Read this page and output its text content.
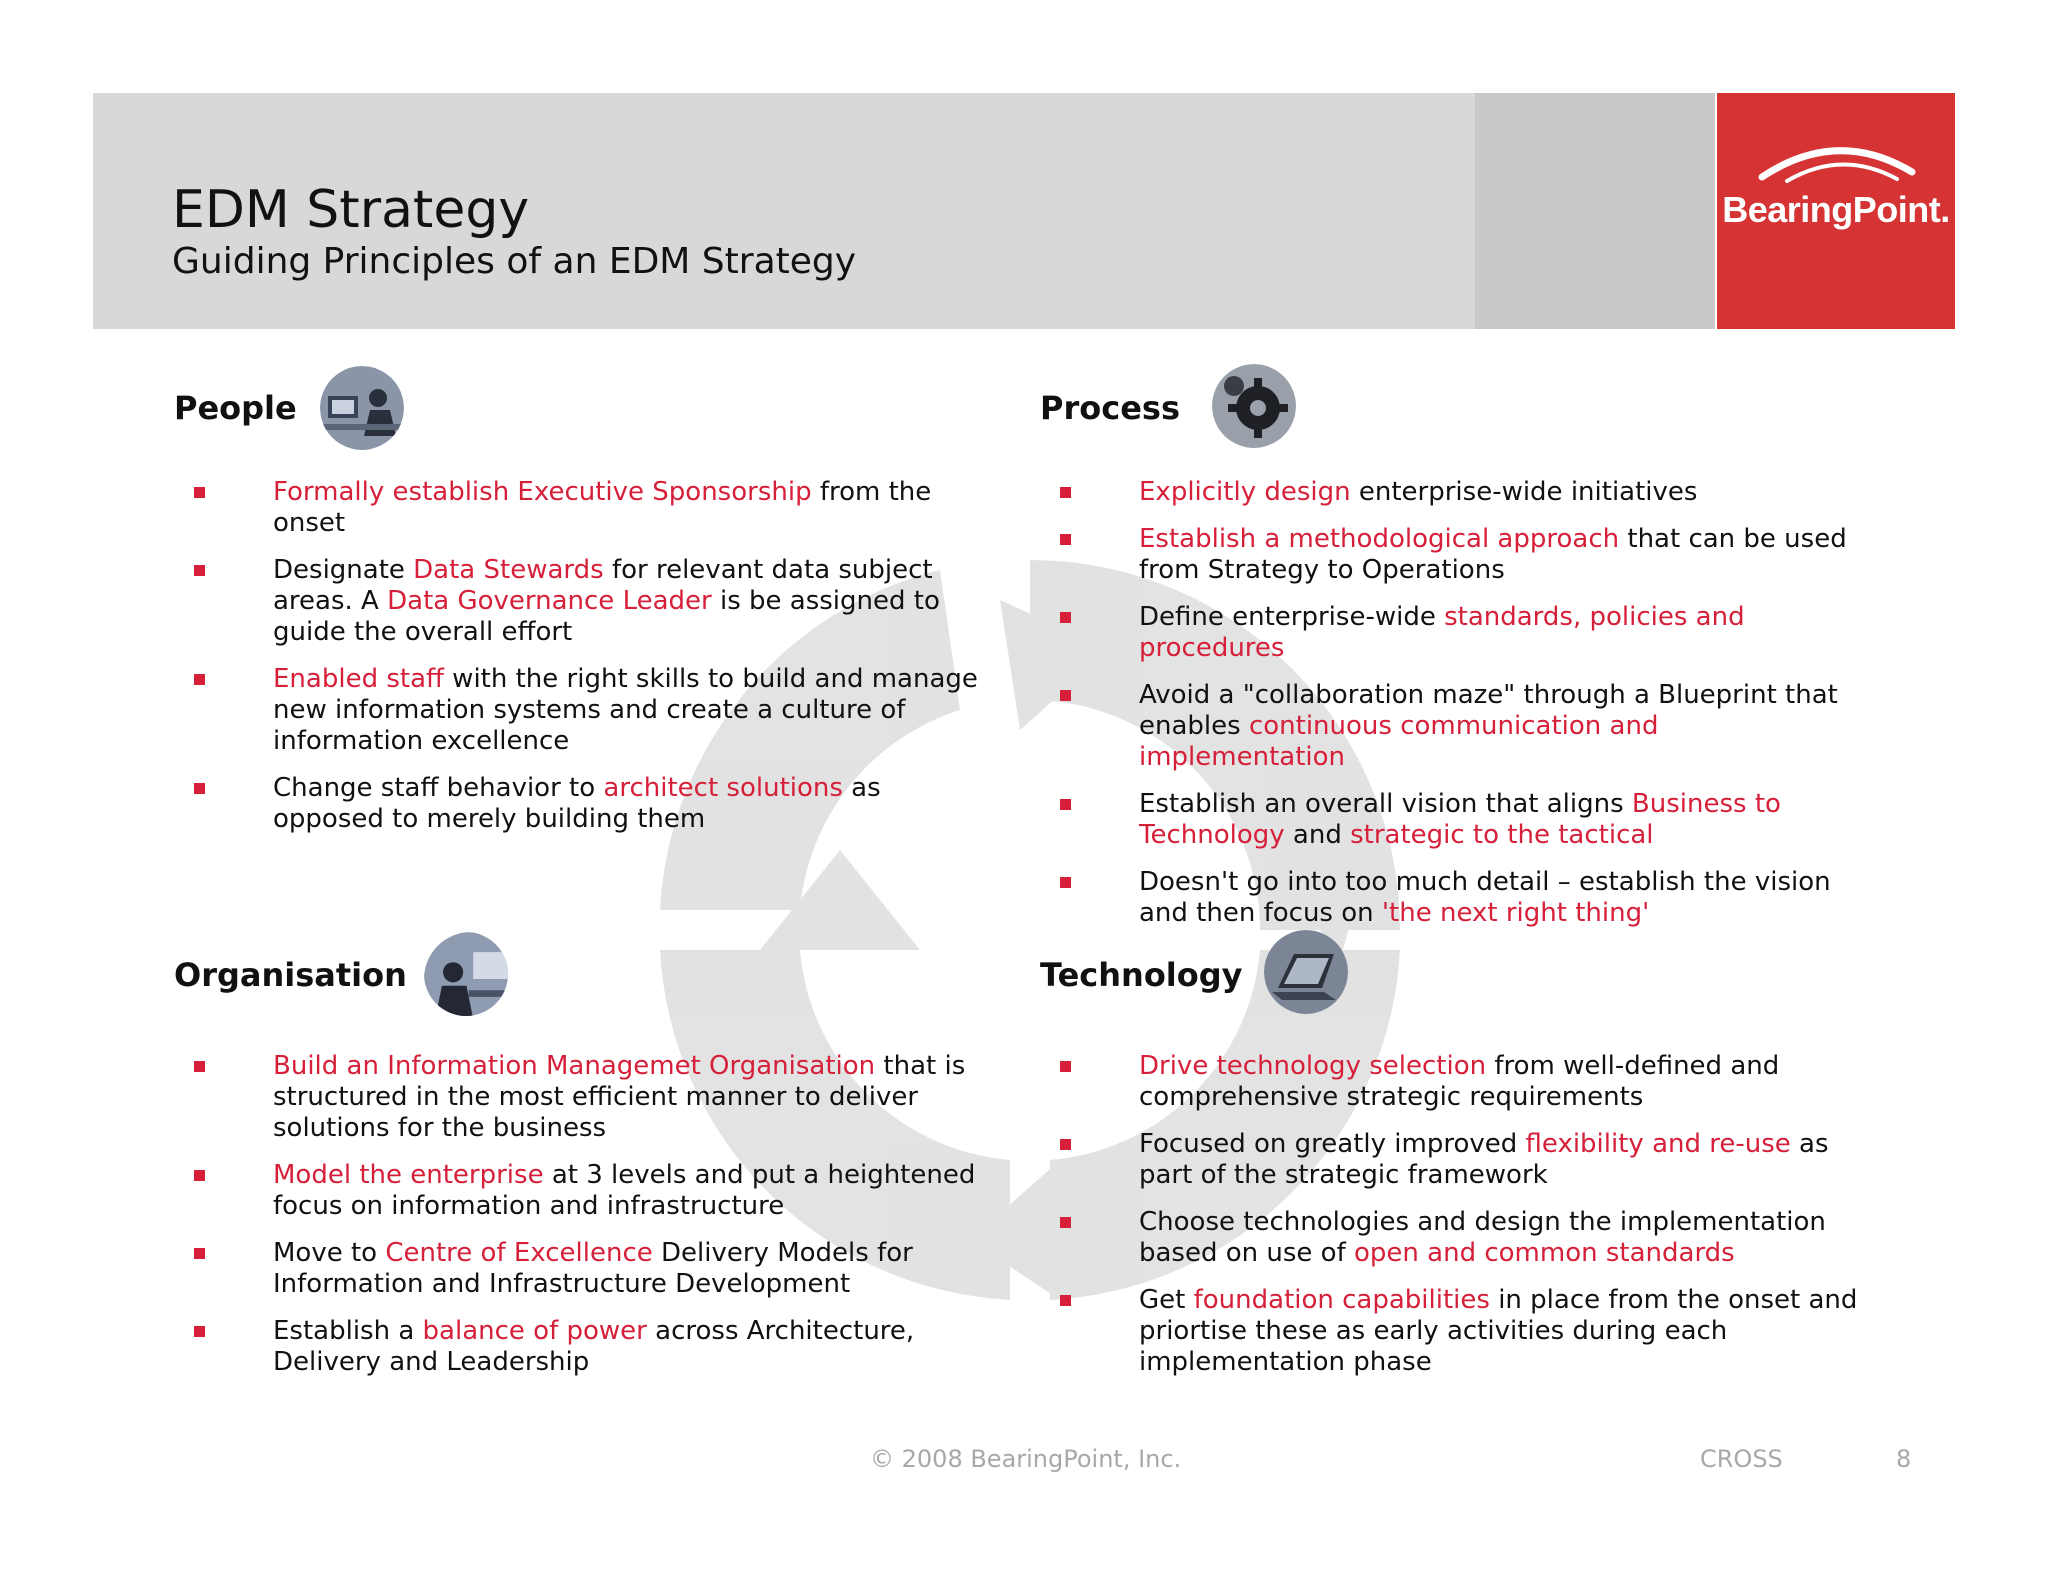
BearingPoint.
EDM Strategy
Guiding Principles of an EDM Strategy
People
Formally establish Executive Sponsorship from the onset
Designate Data Stewards for relevant data subject areas. A Data Governance Leader is be assigned to guide the overall effort
Enabled staff with the right skills to build and manage new information systems and create a culture of information excellence
Change staff behavior to architect solutions as opposed to merely building them
Process
Explicitly design enterprise-wide initiatives
Establish a methodological approach that can be used from Strategy to Operations
Define enterprise-wide standards, policies and procedures
Avoid a "collaboration maze" through a Blueprint that enables continuous communication and implementation
Establish an overall vision that aligns Business to Technology and strategic to the tactical
Doesn't go into too much detail – establish the vision and then focus on 'the next right thing'
Organisation
Build an Information Managemet Organisation that is structured in the most efficient manner to deliver solutions for the business
Model the enterprise at 3 levels and put a heightened focus on information and infrastructure
Move to Centre of Excellence Delivery Models for Information and Infrastructure Development
Establish a balance of power across Architecture, Delivery and Leadership
Technology
Drive technology selection from well-defined and comprehensive strategic requirements
Focused on greatly improved flexibility and re-use as part of the strategic framework
Choose technologies and design the implementation based on use of open and common standards
Get foundation capabilities in place from the onset and priortise these as early activities during each implementation phase
© 2008 BearingPoint, Inc.	CROSS	8
